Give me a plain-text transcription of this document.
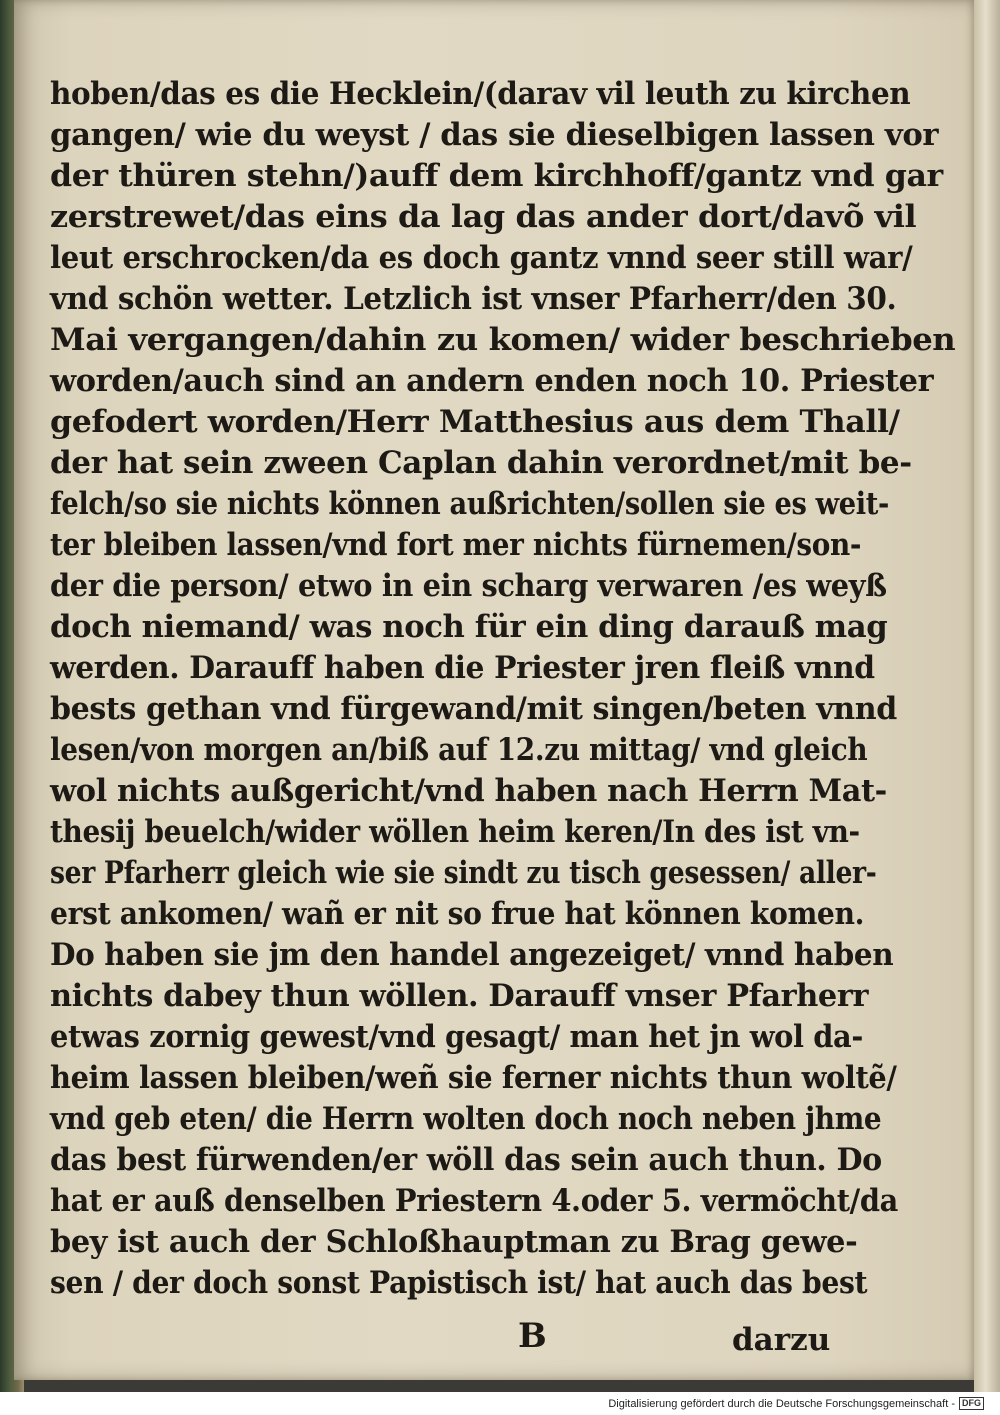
hoben/das es die Hecklein/(darav vil leuth zu kirchen
gangen/ wie du weyst / das sie dieselbigen lassen vor
der thüren stehn/)auff dem kirchhoff/gantz vnd gar
zerstrewet/das eins da lag das ander dort/davõ vil
leut erschrocken/da es doch gantz vnnd seer still war/
vnd schön wetter. Letzlich ist vnser Pfarherr/den 30.
Mai vergangen/dahin zu komen/ wider beschrieben
worden/auch sind an andern enden noch 10. Priester
gefodert worden/Herr Matthesius aus dem Thall/
der hat sein zween Caplan dahin verordnet/mit be-
felch/so sie nichts können außrichten/sollen sie es weit-
ter bleiben lassen/vnd fort mer nichts fürnemen/son-
der die person/ etwo in ein scharg verwaren /es weyß
doch niemand/ was noch für ein ding darauß mag
werden. Darauff haben die Priester jren fleiß vnnd
bests gethan vnd fürgewand/mit singen/beten vnnd
lesen/von morgen an/biß auf 12.zu mittag/ vnd gleich
wol nichts außgericht/vnd haben nach Herrn Mat-
thesij beuelch/wider wöllen heim keren/In des ist vn-
ser Pfarherr gleich wie sie sindt zu tisch gesessen/ aller-
erst ankomen/ wañ er nit so frue hat können komen.
Do haben sie jm den handel angezeiget/ vnnd haben
nichts dabey thun wöllen. Darauff vnser Pfarherr
etwas zornig gewest/vnd gesagt/ man het jn wol da-
heim lassen bleiben/weñ sie ferner nichts thun woltẽ/
vnd geb eten/ die Herrn wolten doch noch neben jhme
das best fürwenden/er wöll das sein auch thun. Do
hat er auß denselben Priestern 4.oder 5. vermöcht/da
bey ist auch der Schloßhauptman zu Brag gewe-
sen / der doch sonst Papistisch ist/ hat auch das best
B	darzu
Digitalisierung gefördert durch die Deutsche Forschungsgemeinschaft - DFG
